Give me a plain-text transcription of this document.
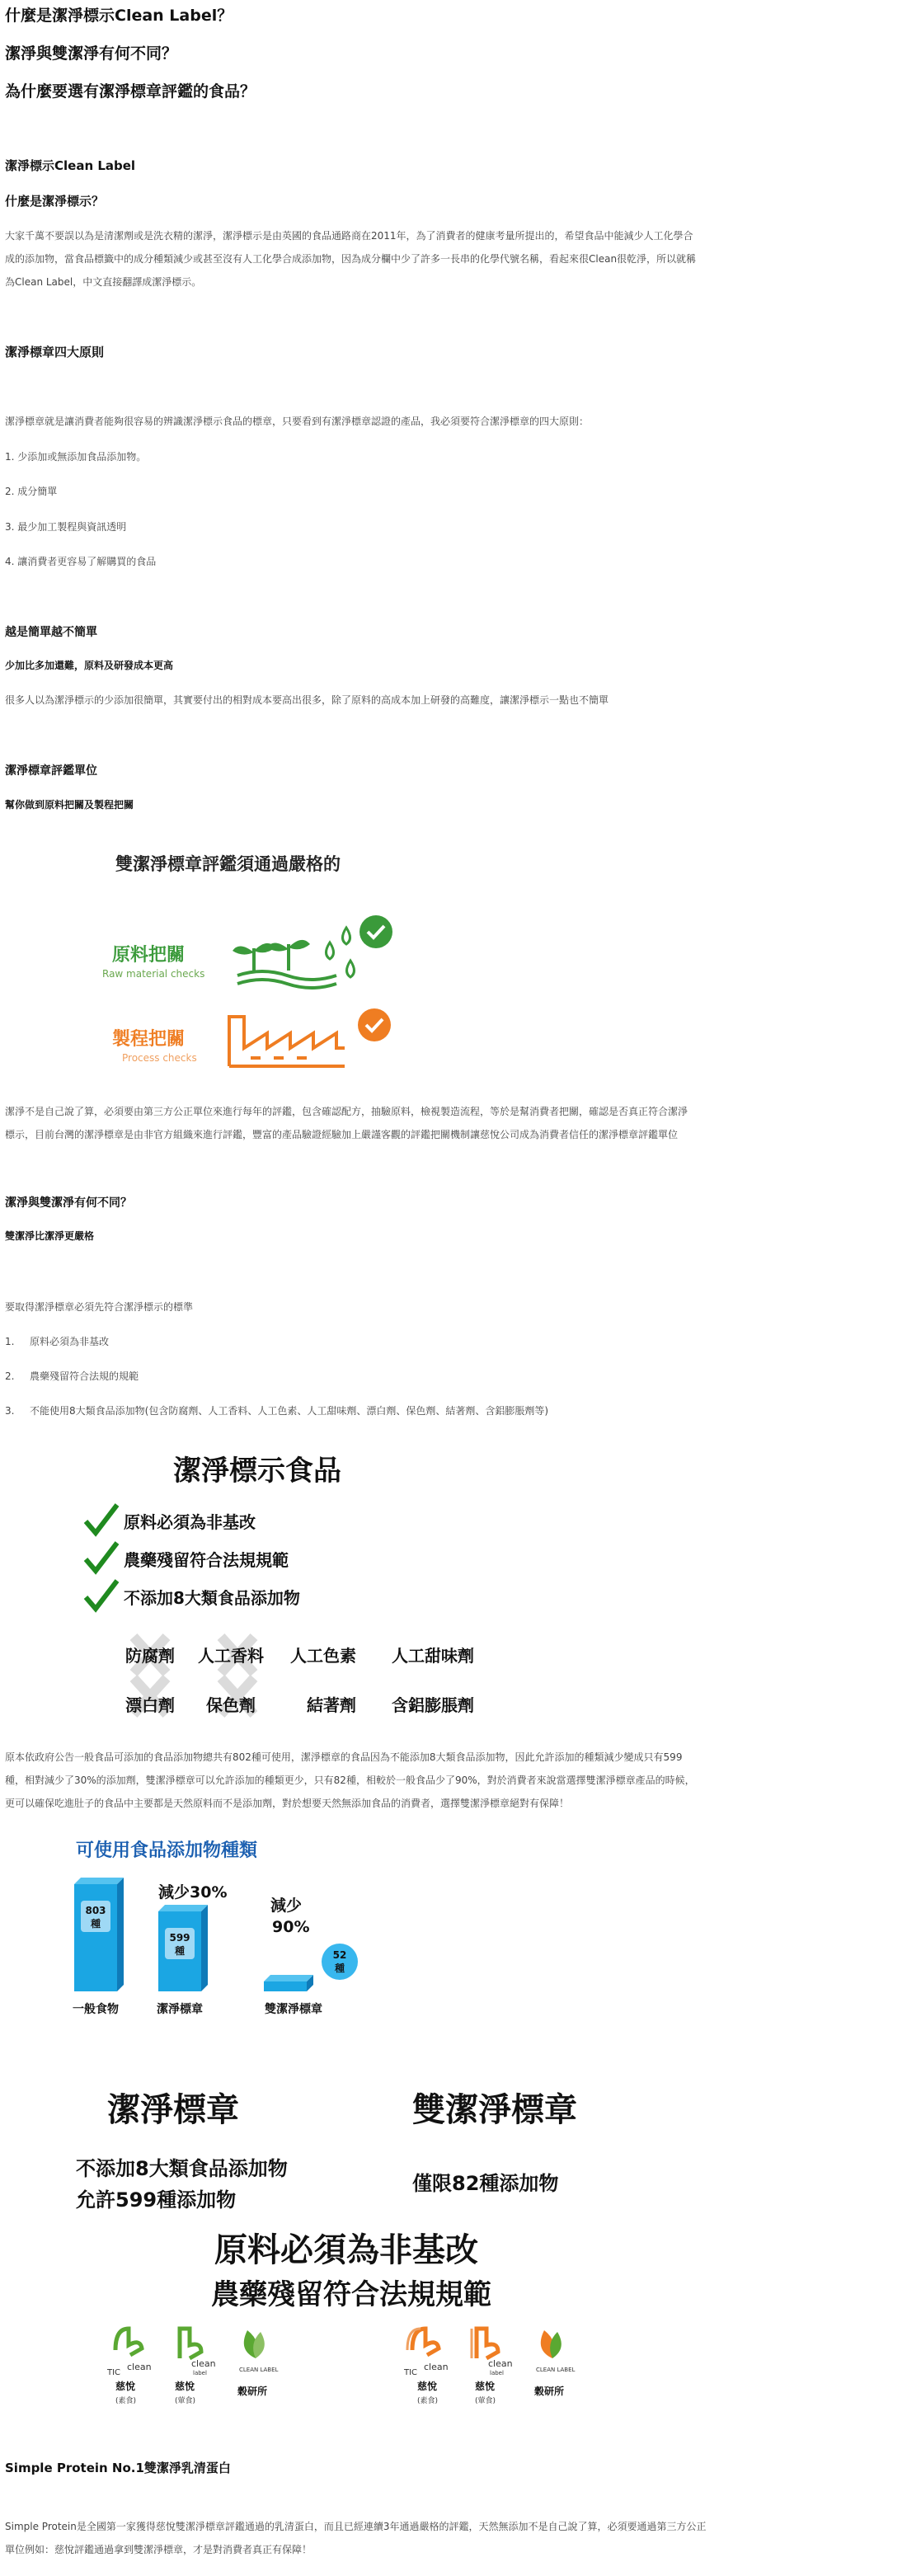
什麼是潔淨標示Clean Label？
潔淨與雙潔淨有何不同？
為什麼要選有潔淨標章評鑑的食品？
潔淨標示Clean Label
什麼是潔淨標示？
大家千萬不要誤以為是清潔劑或是洗衣精的潔淨，潔淨標示是由英國的食品通路商在2011年，為了消費者的健康考量所提出的，希望食品中能減少人工化學合
成的添加物，當食品標籤中的成分種類減少或甚至沒有人工化學合成添加物，因為成分欄中少了許多一長串的化學代號名稱，看起來很Clean很乾淨，所以就稱
為Clean Label，中文直接翻譯成潔淨標示。
潔淨標章四大原則
潔淨標章就是讓消費者能夠很容易的辨識潔淨標示食品的標章，只要看到有潔淨標章認證的產品，我必須要符合潔淨標章的四大原則：
1. 少添加或無添加食品添加物。
2. 成分簡單
3. 最少加工製程與資訊透明
4. 讓消費者更容易了解購買的食品
越是簡單越不簡單
少加比多加還難，原料及研發成本更高
很多人以為潔淨標示的少添加很簡單，其實要付出的相對成本要高出很多，除了原料的高成本加上研發的高難度，讓潔淨標示一點也不簡單
潔淨標章評鑑單位
幫你做到原料把關及製程把關
雙潔淨標章評鑑須通過嚴格的
原料把關
Raw material checks
製程把關
Process checks
潔淨不是自己說了算，必須要由第三方公正單位來進行每年的評鑑，包含確認配方，抽驗原料，檢視製造流程，等於是幫消費者把關，確認是否真正符合潔淨
標示，目前台灣的潔淨標章是由非官方組織來進行評鑑，豐富的產品驗證經驗加上嚴謹客觀的評鑑把關機制讓慈悅公司成為消費者信任的潔淨標章評鑑單位
潔淨與雙潔淨有何不同？
雙潔淨比潔淨更嚴格
要取得潔淨標章必須先符合潔淨標示的標準
1. 原料必須為非基改
2. 農藥殘留符合法規的規範
3. 不能使用8大類食品添加物(包含防腐劑、人工香料、人工色素、人工甜味劑、漂白劑、保色劑、結著劑、含鋁膨脹劑等)
潔淨標示食品
原料必須為非基改
農藥殘留符合法規規範
不添加8大類食品添加物
防腐劑 人工香料 人工色素 人工甜味劑
漂白劑 保色劑	結著劑 含鋁膨脹劑
原本依政府公告一般食品可添加的食品添加物總共有802種可使用，潔淨標章的食品因為不能添加8大類食品添加物，因此允許添加的種類減少變成只有599
種，相對減少了30%的添加劑，雙潔淨標章可以允許添加的種類更少，只有82種，相較於一般食品少了90%，對於消費者來說當選擇雙潔淨標章產品的時候，
更可以確保吃進肚子的食品中主要都是天然原料而不是添加劑，對於想要天然無添加食品的消費者，選擇雙潔淨標章絕對有保障！
可使用食品添加物種類
減少30%
減少
90%
803
種
一般食物
599
種
潔淨標章
52
種
雙潔淨標章
潔淨標章	雙潔淨標章
不添加8大類食品添加物
允許599種添加物
僅限82種添加物
原料必須為非基改
農藥殘留符合法規規範
TIC
clean	clean
label	CLEAN LABEL	TIC
clean	clean
label	CLEAN LABEL
慈悅
(素食)
慈悅
(葷食)
穀研所	慈悅
(素食)
慈悅
(葷食)
穀研所
Simple Protein No.1雙潔淨乳清蛋白
Simple Protein是全國第一家獲得慈悅雙潔淨標章評鑑通過的乳清蛋白，而且已經連續3年通過嚴格的評鑑，天然無添加不是自己說了算，必須要通過第三方公正
單位例如：慈悅評鑑通過拿到雙潔淨標章，才是對消費者真正有保障！
